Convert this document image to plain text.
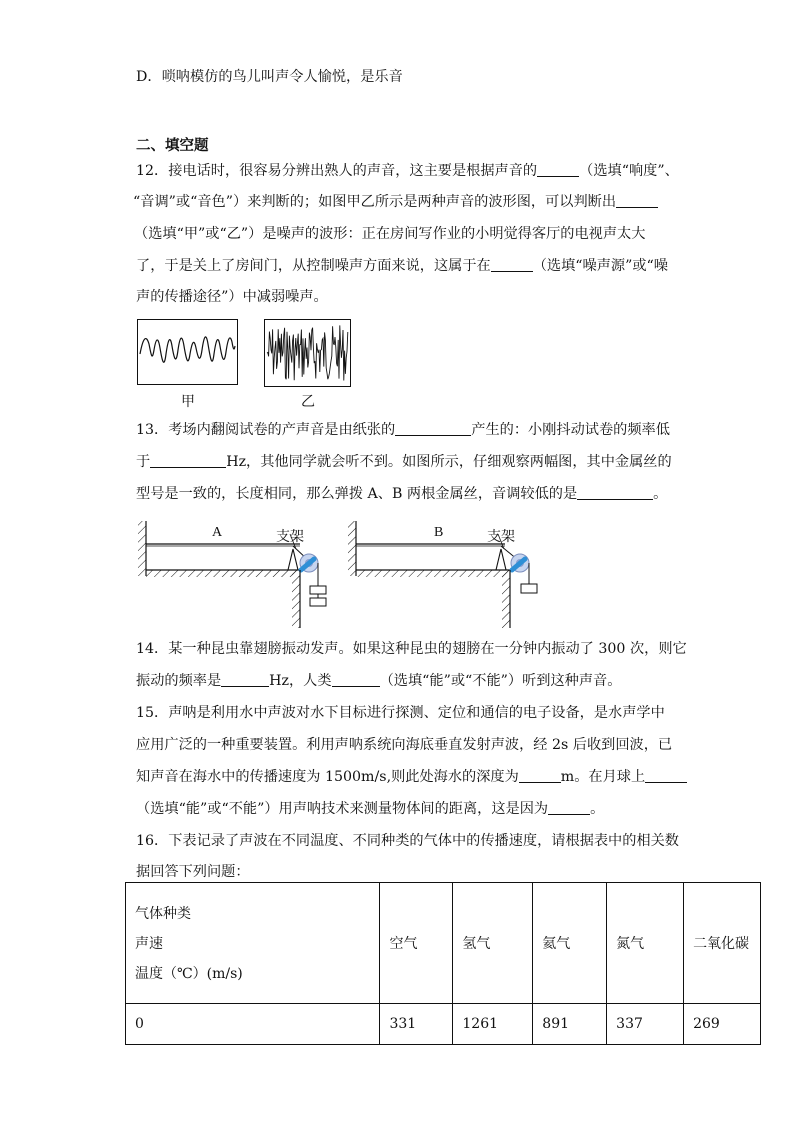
D．唢呐模仿的鸟儿叫声令人愉悦，是乐音
二、填空题
12．接电话时，很容易分辨出熟人的声音，这主要是根据声音的	（选填“响度”、
“音调”或“音色”）来判断的；如图甲乙所示是两种声音的波形图，可以判断出
（选填“甲”或“乙”）是噪声的波形：正在房间写作业的小明觉得客厅的电视声太大
了，于是关上了房间门，从控制噪声方面来说，这属于在	（选填“噪声源”或“噪
声的传播途径”）中减弱噪声。
甲	乙
13．考场内翻阅试卷的产声音是由纸张的	产生的：小刚抖动试卷的频率低
于	Hz，其他同学就会听不到。如图所示，仔细观察两幅图，其中金属丝的
型号是一致的，长度相同，那么弹拨 A、B 两根金属丝，音调较低的是	。
A	B
支架	支架
14．某一种昆虫靠翅膀振动发声。如果这种昆虫的翅膀在一分钟内振动了 300 次，则它
振动的频率是	Hz，人类	（选填“能”或“不能”）听到这种声音。
15．声呐是利用水中声波对水下目标进行探测、定位和通信的电子设备，是水声学中
应用广泛的一种重要装置。利用声呐系统向海底垂直发射声波，经 2s 后收到回波，已
知声音在海水中的传播速度为 1500m/s,则此处海水的深度为	m。在月球上
（选填“能”或“不能”）用声呐技术来测量物体间的距离，这是因为	。
16．下表记录了声波在不同温度、不同种类的气体中的传播速度，请根据表中的相关数
据回答下列问题：
气体种类
声速
温度（℃）(m/s)	空气	氢气	氦气	氮气	二氧化碳
0	331	1261	891	337	269
